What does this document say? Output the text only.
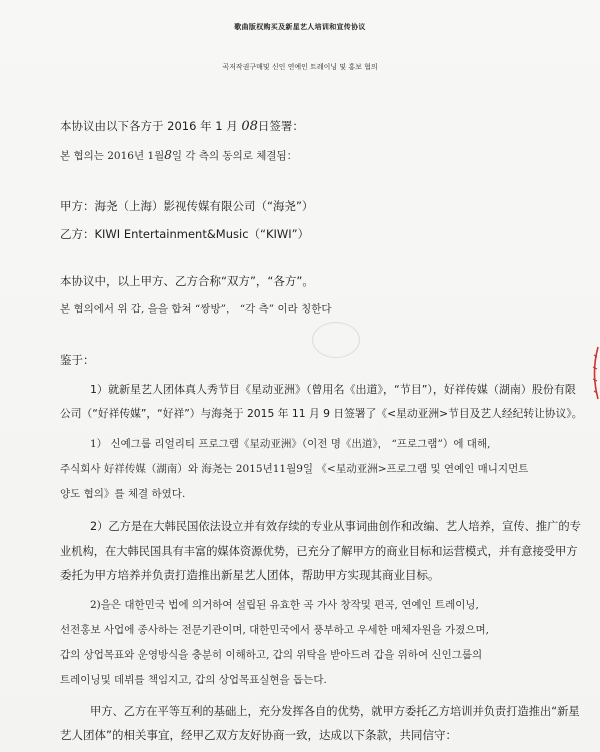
歌曲版权购买及新星艺人培训和宣传协议
곡저작권구매및 신인 연예인 트레이닝 및 홍보 협의
本协议由以下各方于 2016 年 1 月 08日签署：
본 협의는 2016년 1월8일 각 측의 동의로 체결됨：
甲方：海尧（上海）影视传媒有限公司（“海尧”）
乙方：KIWI Entertainment&Music（“KIWI”）
本协议中，以上甲方、乙方合称“双方”，“各方”。
본 협의에서 위 갑, 을을 합쳐 “쌍방”， “각 측” 이라 칭한다
鉴于：
1）就新星艺人团体真人秀节目《星动亚洲》（曾用名《出道》，“节目”），好祥传媒（湖南）股份有限
公司（“好祥传媒”，“好祥”）与海尧于 2015 年 11 月 9 日签署了《<星动亚洲>节目及艺人经纪转让协议》。
1） 신예그룹 리얼리티 프로그램《星动亚洲》（이전 명《出道》， “프로그램”）에 대해,
주식회사 好祥传媒（湖南）와 海尧는 2015년11월9일 《<星动亚洲>프로그램 및 연예인 매니지먼트
양도 협의》를 체결 하였다.
2）乙方是在大韩民国依法设立并有效存续的专业从事词曲创作和改编、艺人培养，宣传、推广的专
业机构，在大韩民国具有丰富的媒体资源优势，已充分了解甲方的商业目标和运营模式，并有意接受甲方
委托为甲方培养并负责打造推出新星艺人团体，帮助甲方实现其商业目标。
2)을은 대한민국 법에 의거하여 설립된 유효한 곡 가사 창작및 편곡, 연예인 트레이닝,
선전홍보 사업에 종사하는 전문기관이며, 대한민국에서 풍부하고 우세한 매체자원을 가졌으며,
갑의 상업목표와 운영방식을 충분히 이해하고, 갑의 위탁을 받아드려 갑을 위하여 신인그룹의
트레이닝및 데뷔를 책임지고, 갑의 상업목표실현을 돕는다.
甲方、乙方在平等互利的基础上，充分发挥各自的优势，就甲方委托乙方培训并负责打造推出“新星
艺人团体”的相关事宜，经甲乙双方友好协商一致，达成以下条款，共同信守：
